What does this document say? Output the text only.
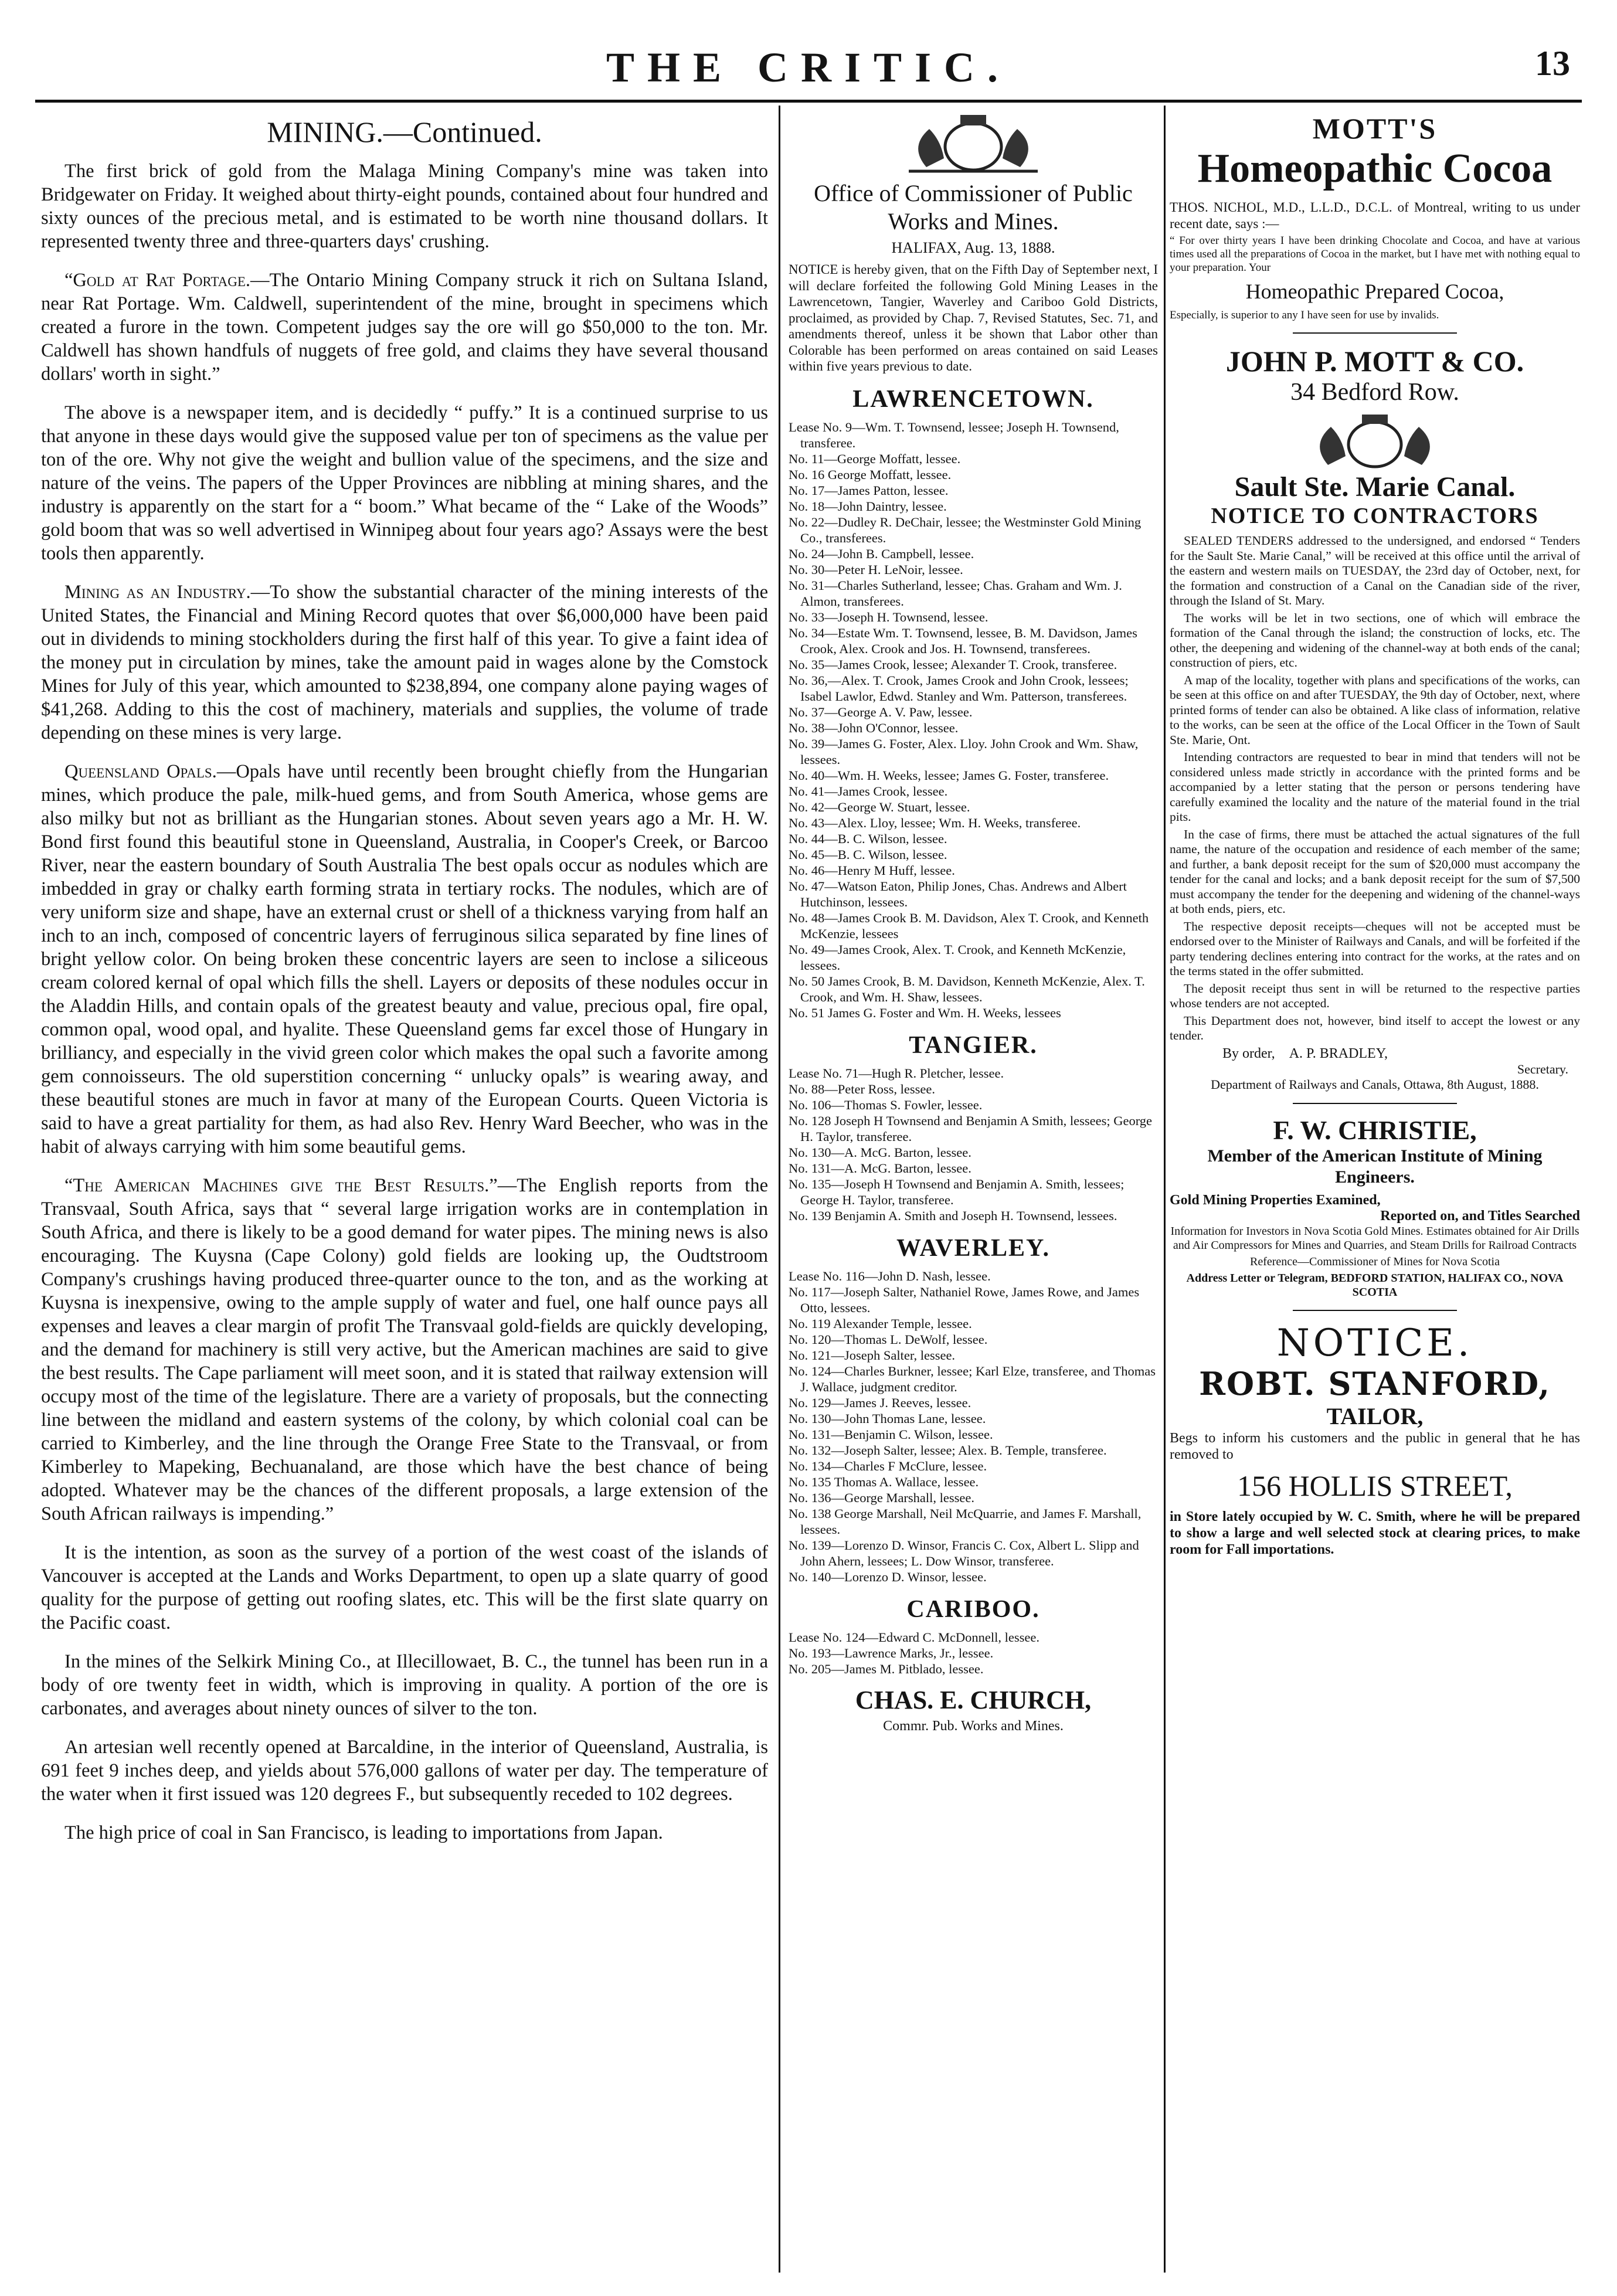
THE CRITIC.	13
MINING.—Continued.

The first brick of gold from the Malaga Mining Company's mine was taken into Bridgewater on Friday. It weighed about thirty-eight pounds, contained about four hundred and sixty ounces of the precious metal, and is estimated to be worth nine thousand dollars. It represented twenty three and three-quarters days' crushing.

“Gold at Rat Portage.—The Ontario Mining Company struck it rich on Sultana Island, near Rat Portage. Wm. Caldwell, superintendent of the mine, brought in specimens which created a furore in the town. Competent judges say the ore will go $50,000 to the ton. Mr. Caldwell has shown handfuls of nuggets of free gold, and claims they have several thousand dollars' worth in sight.”

The above is a newspaper item, and is decidedly “ puffy.” It is a continued surprise to us that anyone in these days would give the supposed value per ton of specimens as the value per ton of the ore. Why not give the weight and bullion value of the specimens, and the size and nature of the veins. The papers of the Upper Provinces are nibbling at mining shares, and the industry is apparently on the start for a “ boom.” What became of the “ Lake of the Woods” gold boom that was so well advertised in Winnipeg about four years ago? Assays were the best tools then apparently.

Mining as an Industry.—To show the substantial character of the mining interests of the United States, the Financial and Mining Record quotes that over $6,000,000 have been paid out in dividends to mining stockholders during the first half of this year. To give a faint idea of the money put in circulation by mines, take the amount paid in wages alone by the Comstock Mines for July of this year, which amounted to $238,894, one company alone paying wages of $41,268. Adding to this the cost of machinery, materials and supplies, the volume of trade depending on these mines is very large.

Queensland Opals.—Opals have until recently been brought chiefly from the Hungarian mines, which produce the pale, milk-hued gems, and from South America, whose gems are also milky but not as brilliant as the Hungarian stones. About seven years ago a Mr. H. W. Bond first found this beautiful stone in Queensland, Australia, in Cooper's Creek, or Barcoo River, near the eastern boundary of South Australia The best opals occur as nodules which are imbedded in gray or chalky earth forming strata in tertiary rocks. The nodules, which are of very uniform size and shape, have an external crust or shell of a thickness varying from half an inch to an inch, composed of concentric layers of ferruginous silica separated by fine lines of bright yellow color. On being broken these concentric layers are seen to inclose a siliceous cream colored kernal of opal which fills the shell. Layers or deposits of these nodules occur in the Aladdin Hills, and contain opals of the greatest beauty and value, precious opal, fire opal, common opal, wood opal, and hyalite. These Queensland gems far excel those of Hungary in brilliancy, and especially in the vivid green color which makes the opal such a favorite among gem connoisseurs. The old superstition concerning “ unlucky opals” is wearing away, and these beautiful stones are much in favor at many of the European Courts. Queen Victoria is said to have a great partiality for them, as had also Rev. Henry Ward Beecher, who was in the habit of always carrying with him some beautiful gems.

“The American Machines give the Best Results.”—The English reports from the Transvaal, South Africa, says that “ several large irrigation works are in contemplation in South Africa, and there is likely to be a good demand for water pipes. The mining news is also encouraging. The Kuysna (Cape Colony) gold fields are looking up, the Oudtstroom Company's crushings having produced three-quarter ounce to the ton, and as the working at Kuysna is inexpensive, owing to the ample supply of water and fuel, one half ounce pays all expenses and leaves a clear margin of profit The Transvaal gold-fields are quickly developing, and the demand for machinery is still very active, but the American machines are said to give the best results. The Cape parliament will meet soon, and it is stated that railway extension will occupy most of the time of the legislature. There are a variety of proposals, but the connecting line between the midland and eastern systems of the colony, by which colonial coal can be carried to Kimberley, and the line through the Orange Free State to the Transvaal, or from Kimberley to Mapeking, Bechuanaland, are those which have the best chance of being adopted. Whatever may be the chances of the different proposals, a large extension of the South African railways is impending.”

It is the intention, as soon as the survey of a portion of the west coast of the islands of Vancouver is accepted at the Lands and Works Department, to open up a slate quarry of good quality for the purpose of getting out roofing slates, etc. This will be the first slate quarry on the Pacific coast.

In the mines of the Selkirk Mining Co., at Illecillowaet, B. C., the tunnel has been run in a body of ore twenty feet in width, which is improving in quality. A portion of the ore is carbonates, and averages about ninety ounces of silver to the ton.

An artesian well recently opened at Barcaldine, in the interior of Queensland, Australia, is 691 feet 9 inches deep, and yields about 576,000 gallons of water per day. The temperature of the water when it first issued was 120 degrees F., but subsequently receded to 102 degrees.

The high price of coal in San Francisco, is leading to importations from Japan.

Office of Commissioner of Public Works and Mines.
HALIFAX, Aug. 13, 1888.

NOTICE is hereby given, that on the Fifth Day of September next, I will declare forfeited the following Gold Mining Leases in the Lawrencetown, Tangier, Waverley and Cariboo Gold Districts, proclaimed, as provided by Chap. 7, Revised Statutes, Sec. 71, and amendments thereof, unless it be shown that Labor other than Colorable has been performed on areas contained on said Leases within five years previous to date.

LAWRENCETOWN.

Lease No. 9—Wm. T. Townsend, lessee; Joseph H. Townsend, transferee.

No. 11—George Moffatt, lessee.

No. 16 George Moffatt, lessee.

No. 17—James Patton, lessee.

No. 18—John Daintry, lessee.

No. 22—Dudley R. DeChair, lessee; the Westminster Gold Mining Co., transferees.

No. 24—John B. Campbell, lessee.

No. 30—Peter H. LeNoir, lessee.

No. 31—Charles Sutherland, lessee; Chas. Graham and Wm. J. Almon, transferees.

No. 33—Joseph H. Townsend, lessee.

No. 34—Estate Wm. T. Townsend, lessee, B. M. Davidson, James Crook, Alex. Crook and Jos. H. Townsend, transferees.

No. 35—James Crook, lessee; Alexander T. Crook, transferee.

No. 36,—Alex. T. Crook, James Crook and John Crook, lessees; Isabel Lawlor, Edwd. Stanley and Wm. Patterson, transferees.

No. 37—George A. V. Paw, lessee.

No. 38—John O'Connor, lessee.

No. 39—James G. Foster, Alex. Lloy. John Crook and Wm. Shaw, lessees.

No. 40—Wm. H. Weeks, lessee; James G. Foster, transferee.

No. 41—James Crook, lessee.

No. 42—George W. Stuart, lessee.

No. 43—Alex. Lloy, lessee; Wm. H. Weeks, transferee.

No. 44—B. C. Wilson, lessee.

No. 45—B. C. Wilson, lessee.

No. 46—Henry M Huff, lessee.

No. 47—Watson Eaton, Philip Jones, Chas. Andrews and Albert Hutchinson, lessees.

No. 48—James Crook B. M. Davidson, Alex T. Crook, and Kenneth McKenzie, lessees

No. 49—James Crook, Alex. T. Crook, and Kenneth McKenzie, lessees.

No. 50 James Crook, B. M. Davidson, Kenneth McKenzie, Alex. T. Crook, and Wm. H. Shaw, lessees.

No. 51 James G. Foster and Wm. H. Weeks, lessees

TANGIER.

Lease No. 71—Hugh R. Pletcher, lessee.

No. 88—Peter Ross, lessee.

No. 106—Thomas S. Fowler, lessee.

No. 128 Joseph H Townsend and Benjamin A Smith, lessees; George H. Taylor, transferee.

No. 130—A. McG. Barton, lessee.

No. 131—A. McG. Barton, lessee.

No. 135—Joseph H Townsend and Benjamin A. Smith, lessees; George H. Taylor, transferee.

No. 139 Benjamin A. Smith and Joseph H. Townsend, lessees.

WAVERLEY.

Lease No. 116—John D. Nash, lessee.

No. 117—Joseph Salter, Nathaniel Rowe, James Rowe, and James Otto, lessees.

No. 119 Alexander Temple, lessee.

No. 120—Thomas L. DeWolf, lessee.

No. 121—Joseph Salter, lessee.

No. 124—Charles Burkner, lessee; Karl Elze, transferee, and Thomas J. Wallace, judgment creditor.

No. 129—James J. Reeves, lessee.

No. 130—John Thomas Lane, lessee.

No. 131—Benjamin C. Wilson, lessee.

No. 132—Joseph Salter, lessee; Alex. B. Temple, transferee.

No. 134—Charles F McClure, lessee.

No. 135 Thomas A. Wallace, lessee.

No. 136—George Marshall, lessee.

No. 138 George Marshall, Neil McQuarrie, and James F. Marshall, lessees.

No. 139—Lorenzo D. Winsor, Francis C. Cox, Albert L. Slipp and John Ahern, lessees; L. Dow Winsor, transferee.

No. 140—Lorenzo D. Winsor, lessee.

CARIBOO.

Lease No. 124—Edward C. McDonnell, lessee.

No. 193—Lawrence Marks, Jr., lessee.

No. 205—James M. Pitblado, lessee.

CHAS. E. CHURCH,
Commr. Pub. Works and Mines.
MOTT'S
Homeopathic Cocoa

THOS. NICHOL, M.D., L.L.D., D.C.L. of Montreal, writing to us under recent date, says :—

“ For over thirty years I have been drinking Chocolate and Cocoa, and have at various times used all the preparations of Cocoa in the market, but I have met with nothing equal to your preparation. Your

Homeopathic Prepared Cocoa,

Especially, is superior to any I have seen for use by invalids.

JOHN P. MOTT & CO.
34 Bedford Row.
Sault Ste. Marie Canal.
NOTICE TO CONTRACTORS

SEALED TENDERS addressed to the undersigned, and endorsed “ Tenders for the Sault Ste. Marie Canal,” will be received at this office until the arrival of the eastern and western mails on TUESDAY, the 23rd day of October, next, for the formation and construction of a Canal on the Canadian side of the river, through the Island of St. Mary.

The works will be let in two sections, one of which will embrace the formation of the Canal through the island; the construction of locks, etc. The other, the deepening and widening of the channel-way at both ends of the canal; construction of piers, etc.

A map of the locality, together with plans and specifications of the works, can be seen at this office on and after TUESDAY, the 9th day of October, next, where printed forms of tender can also be obtained. A like class of information, relative to the works, can be seen at the office of the Local Officer in the Town of Sault Ste. Marie, Ont.

Intending contractors are requested to bear in mind that tenders will not be considered unless made strictly in accordance with the printed forms and be accompanied by a letter stating that the person or persons tendering have carefully examined the locality and the nature of the material found in the trial pits.

In the case of firms, there must be attached the actual signatures of the full name, the nature of the occupation and residence of each member of the same; and further, a bank deposit receipt for the sum of $20,000 must accompany the tender for the canal and locks; and a bank deposit receipt for the sum of $7,500 must accompany the tender for the deepening and widening of the channel-ways at both ends, piers, etc.

The respective deposit receipts—cheques will not be accepted must be endorsed over to the Minister of Railways and Canals, and will be forfeited if the party tendering declines entering into contract for the works, at the rates and on the terms stated in the offer submitted.

The deposit receipt thus sent in will be returned to the respective parties whose tenders are not accepted.

This Department does not, however, bind itself to accept the lowest or any tender.

By order, A. P. BRADLEY,
Secretary.
Department of Railways and Canals, Ottawa, 8th August, 1888.
F. W. CHRISTIE,
Member of the American Institute of Mining Engineers.
Gold Mining Properties Examined,
Reported on, and Titles Searched

Information for Investors in Nova Scotia Gold Mines. Estimates obtained for Air Drills and Air Compressors for Mines and Quarries, and Steam Drills for Railroad Contracts

Reference—Commissioner of Mines for Nova Scotia

Address Letter or Telegram, BEDFORD STATION, HALIFAX CO., NOVA SCOTIA

NOTICE.
ROBT. STANFORD,
TAILOR,

Begs to inform his customers and the public in general that he has removed to

156 HOLLIS STREET,

in Store lately occupied by W. C. Smith, where he will be prepared to show a large and well selected stock at clearing prices, to make room for Fall importations.
